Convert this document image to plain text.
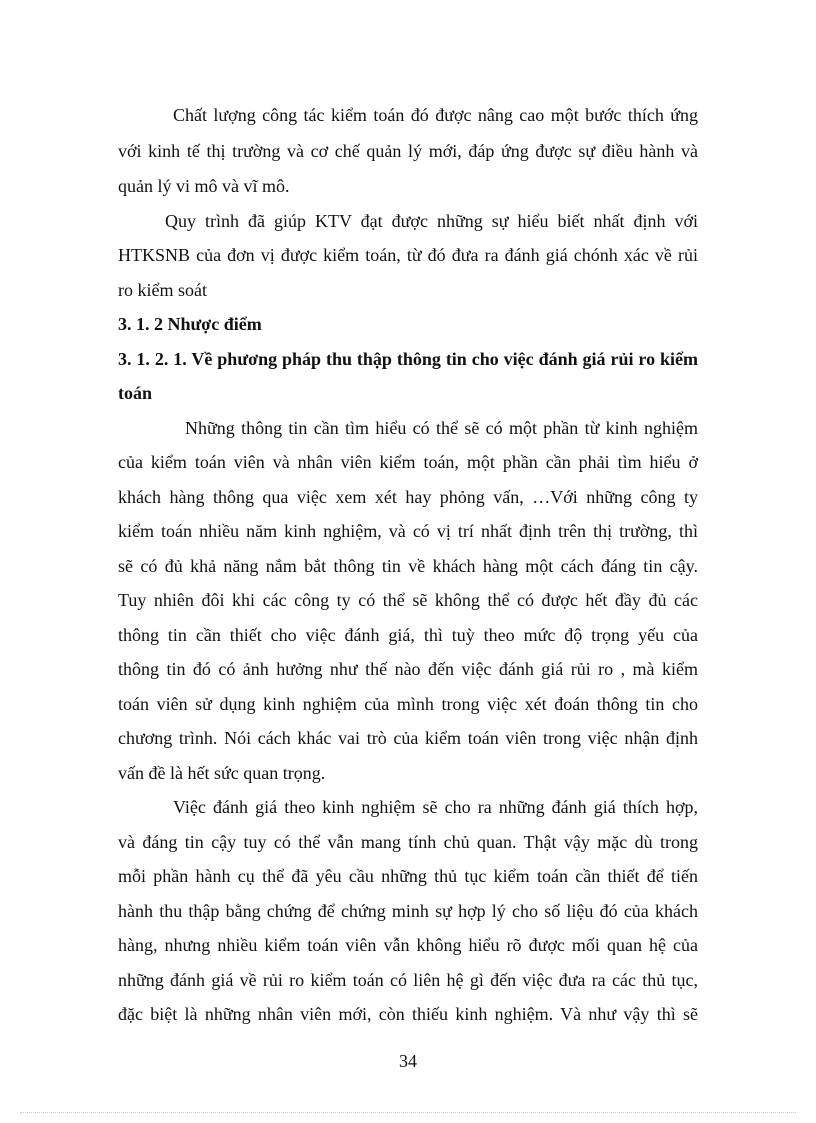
Chất lượng công tác kiểm toán đó được nâng cao một bước thích ứng
với kinh tế thị trường và cơ chế quản lý mới, đáp ứng được sự điều hành và
quản lý vi mô và vĩ mô.
Quy trình đã giúp KTV đạt được những sự hiểu biết nhất định với
HTKSNB của đơn vị được kiểm toán, từ đó đưa ra đánh giá chónh xác về rủi
ro kiểm soát
3. 1. 2 Nhược điểm
3. 1. 2. 1. Về phương pháp thu thập thông tin cho việc đánh giá rủi ro kiểm
toán
Những thông tin cần tìm hiểu có thể sẽ có một phần từ kinh nghiệm
của kiểm toán viên và nhân viên kiểm toán, một phần cần phải tìm hiểu ở
khách hàng thông qua việc xem xét hay phỏng vấn, …Với những công ty
kiểm toán nhiều năm kinh nghiệm, và có vị trí nhất định trên thị trường, thì
sẽ có đủ khả năng nắm bắt thông tin về khách hàng một cách đáng tin cậy.
Tuy nhiên đôi khi các công ty có thể sẽ không thể có được hết đầy đủ các
thông tin cần thiết cho việc đánh giá, thì tuỳ theo mức độ trọng yếu của
thông tin đó có ảnh hưởng như thế nào đến việc đánh giá rủi ro , mà kiểm
toán viên sử dụng kinh nghiệm của mình trong việc xét đoán thông tin cho
chương trình. Nói cách khác vai trò của kiểm toán viên trong việc nhận định
vấn đề là hết sức quan trọng.
Việc đánh giá theo kinh nghiệm sẽ cho ra những đánh giá thích hợp,
và đáng tin cậy tuy có thể vẫn mang tính chủ quan. Thật vậy mặc dù trong
mỗi phần hành cụ thể đã yêu cầu những thủ tục kiểm toán cần thiết để tiến
hành thu thập bằng chứng để chứng minh sự hợp lý cho số liệu đó của khách
hàng, nhưng nhiều kiểm toán viên vẫn không hiểu rõ được mối quan hệ của
những đánh giá về rủi ro kiểm toán có liên hệ gì đến việc đưa ra các thủ tục,
đặc biệt là những nhân viên mới, còn thiếu kinh nghiệm. Và như vậy thì sẽ
34
